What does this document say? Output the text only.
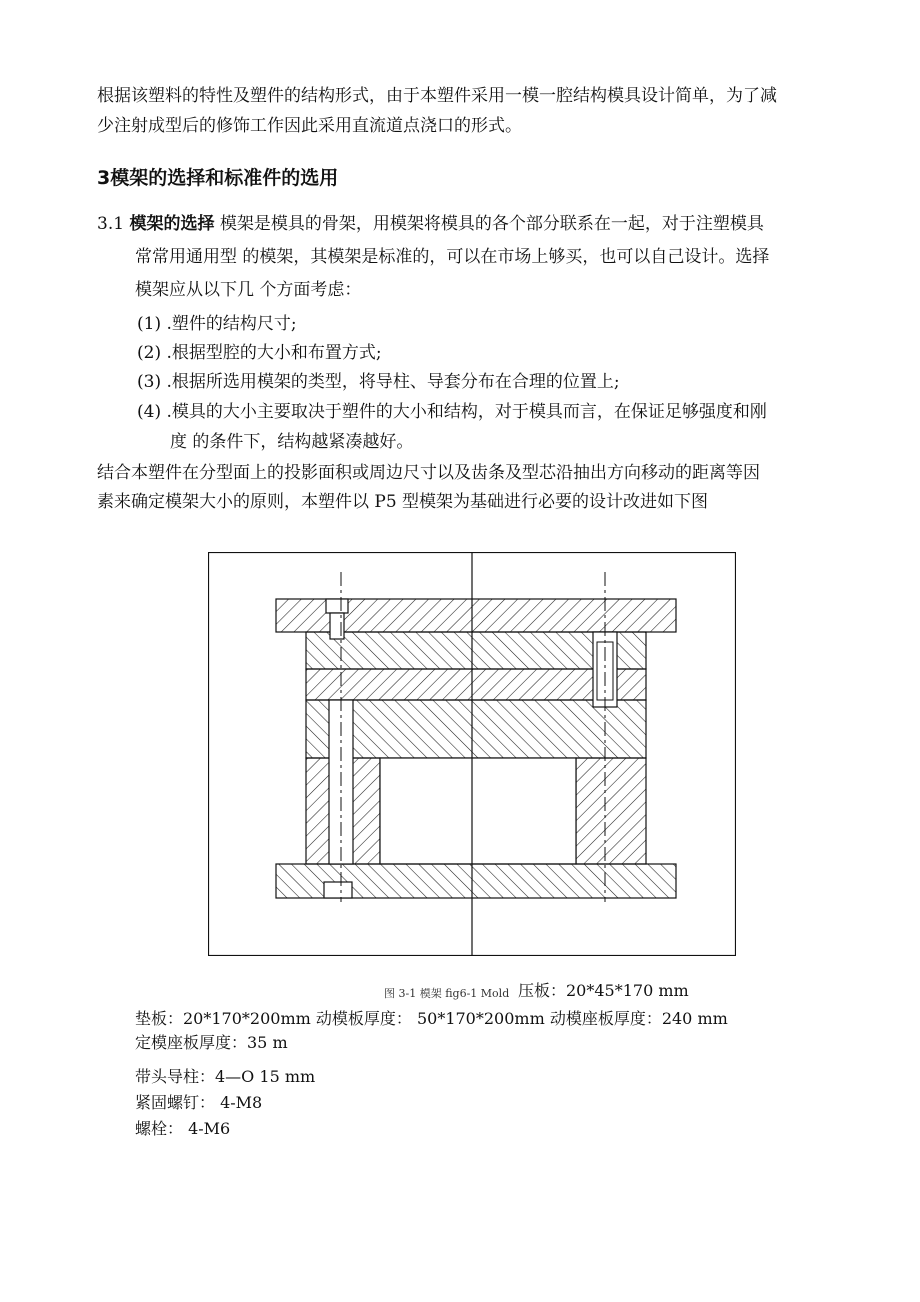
根据该塑料的特性及塑件的结构形式，由于本塑件采用一模一腔结构模具设计简单，为了减
少注射成型后的修饰工作因此采用直流道点浇口的形式。
3模架的选择和标准件的选用
3.1 模架的选择 模架是模具的骨架，用模架将模具的各个部分联系在一起，对于注塑模具
常常用通用型 的模架，其模架是标准的，可以在市场上够买，也可以自己设计。选择
模架应从以下几 个方面考虑：
(1) .塑件的结构尺寸;
(2) .根据型腔的大小和布置方式;
(3) .根据所选用模架的类型，将导柱、导套分布在合理的位置上;
(4) .模具的大小主要取决于塑件的大小和结构，对于模具而言，在保证足够强度和刚
度 的条件下，结构越紧凑越好。
结合本塑件在分型面上的投影面积或周边尺寸以及齿条及型芯沿抽出方向移动的距离等因
素来确定模架大小的原则，本塑件以 P5 型模架为基础进行必要的设计改进如下图
图 3-1 模架 fig6-1 Mold 压板：20*45*170 mm
垫板：20*170*200mm 动模板厚度： 50*170*200mm 动模座板厚度：240 mm
定模座板厚度：35 m
带头导柱：4—O 15 mm
紧固螺钉： 4-M8
螺栓： 4-M6
